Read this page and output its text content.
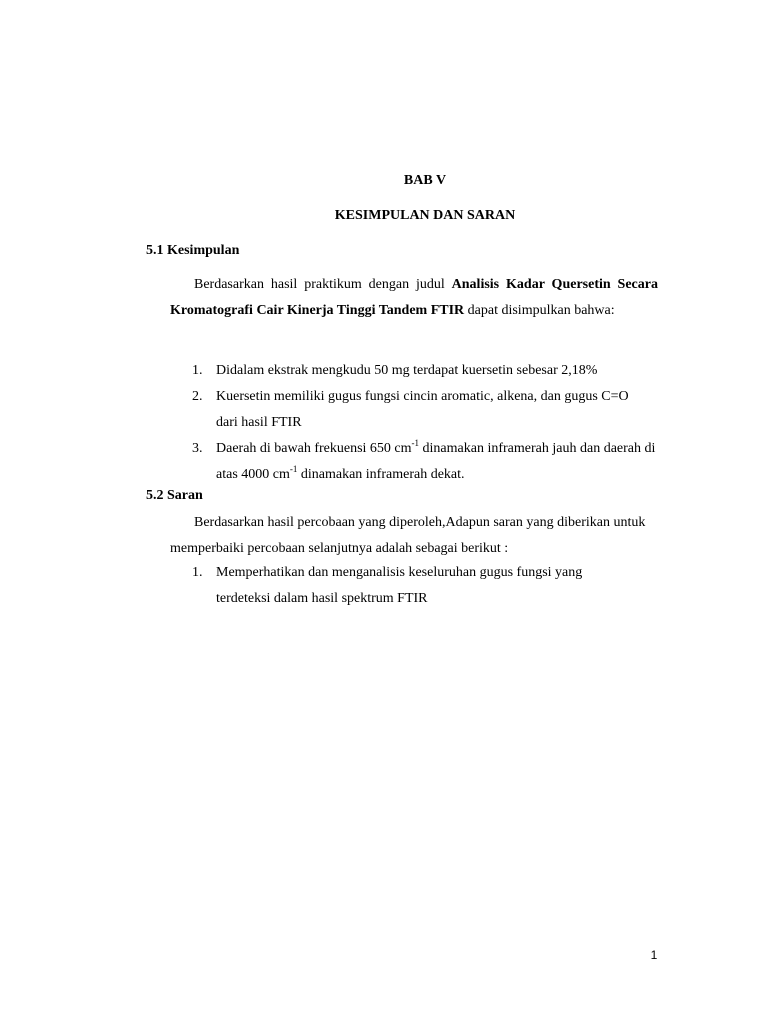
BAB V

KESIMPULAN DAN SARAN

5.1 Kesimpulan

Berdasarkan hasil praktikum dengan judul Analisis Kadar Quersetin Secara Kromatografi Cair Kinerja Tinggi Tandem FTIR dapat disimpulkan bahwa:

1. Didalam ekstrak mengkudu 50 mg terdapat kuersetin sebesar 2,18%
2. Kuersetin memiliki gugus fungsi cincin aromatic, alkena, dan gugus C=O dari hasil FTIR
3. Daerah di bawah frekuensi 650 $cm^{-1}$ dinamakan inframerah jauh dan daerah di atas 4000 $cm^{-1}$ dinamakan inframerah dekat.

5.2 Saran

Berdasarkan hasil percobaan yang diperoleh,Adapun saran yang diberikan untuk memperbaiki percobaan selanjutnya adalah sebagai berikut :

1. Memperhatikan dan menganalisis keseluruhan gugus fungsi yang terdeteksi dalam hasil spektrum FTIR

1
